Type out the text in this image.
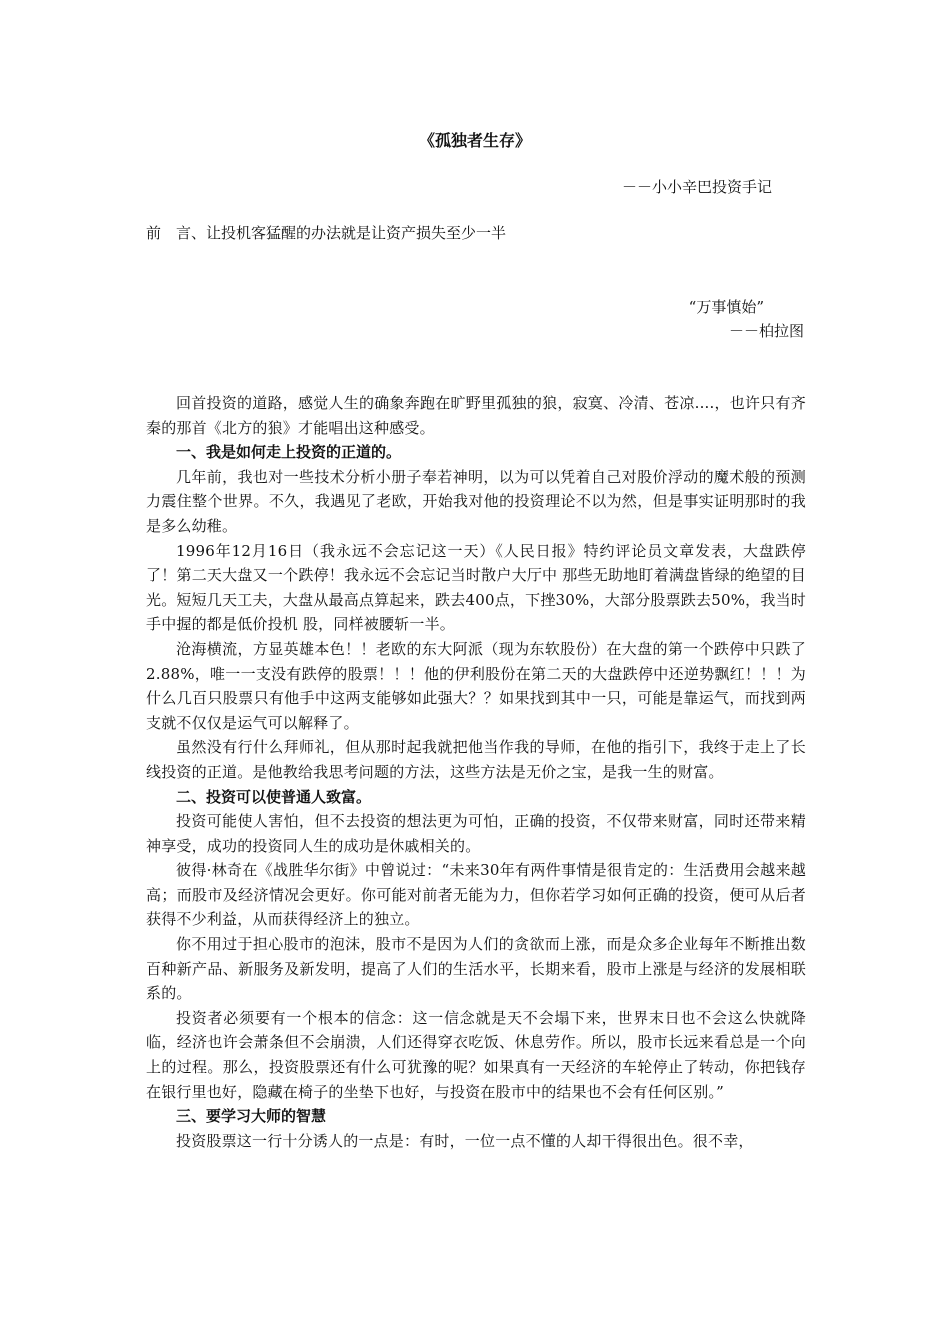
《孤独者生存》
－－小小辛巴投资手记
前　言、让投机客猛醒的办法就是让资产损失至少一半
“万事慎始”
－－柏拉图

回首投资的道路，感觉人生的确象奔跑在旷野里孤独的狼，寂寞、冷清、苍凉....，也许只有齐秦的那首《北方的狼》才能唱出这种感受。

一、我是如何走上投资的正道的。

几年前，我也对一些技术分析小册子奉若神明，以为可以凭着自己对股价浮动的魔术般的预测力震住整个世界。不久，我遇见了老欧，开始我对他的投资理论不以为然，但是事实证明那时的我是多么幼稚。

1996年12月16日（我永远不会忘记这一天）《人民日报》特约评论员文章发表，大盘跌停了！第二天大盘又一个跌停！我永远不会忘记当时散户大厅中 那些无助地盯着满盘皆绿的绝望的目光。短短几天工夫，大盘从最高点算起来，跌去400点，下挫30%，大部分股票跌去50%，我当时手中握的都是低价投机 股，同样被腰斩一半。

沧海横流，方显英雄本色！！老欧的东大阿派（现为东软股份）在大盘的第一个跌停中只跌了2.88%，唯一一支没有跌停的股票！！！他的伊利股份在第二天的大盘跌停中还逆势飘红！！！为什么几百只股票只有他手中这两支能够如此强大？？如果找到其中一只，可能是靠运气，而找到两支就不仅仅是运气可以解释了。

虽然没有行什么拜师礼，但从那时起我就把他当作我的导师，在他的指引下，我终于走上了长线投资的正道。是他教给我思考问题的方法，这些方法是无价之宝，是我一生的财富。

二、投资可以使普通人致富。

投资可能使人害怕，但不去投资的想法更为可怕，正确的投资，不仅带来财富，同时还带来精神享受，成功的投资同人生的成功是休戚相关的。

彼得·林奇在《战胜华尔街》中曾说过：“未来30年有两件事情是很肯定的：生活费用会越来越高；而股市及经济情况会更好。你可能对前者无能为力，但你若学习如何正确的投资，便可从后者获得不少利益，从而获得经济上的独立。

你不用过于担心股市的泡沫，股市不是因为人们的贪欲而上涨，而是众多企业每年不断推出数百种新产品、新服务及新发明，提高了人们的生活水平，长期来看，股市上涨是与经济的发展相联系的。

投资者必须要有一个根本的信念：这一信念就是天不会塌下来，世界末日也不会这么快就降临，经济也许会萧条但不会崩溃，人们还得穿衣吃饭、休息劳作。所以，股市长远来看总是一个向上的过程。那么，投资股票还有什么可犹豫的呢？如果真有一天经济的车轮停止了转动，你把钱存在银行里也好，隐藏在椅子的坐垫下也好，与投资在股市中的结果也不会有任何区别。”

三、要学习大师的智慧

投资股票这一行十分诱人的一点是：有时，一位一点不懂的人却干得很出色。很不幸，
